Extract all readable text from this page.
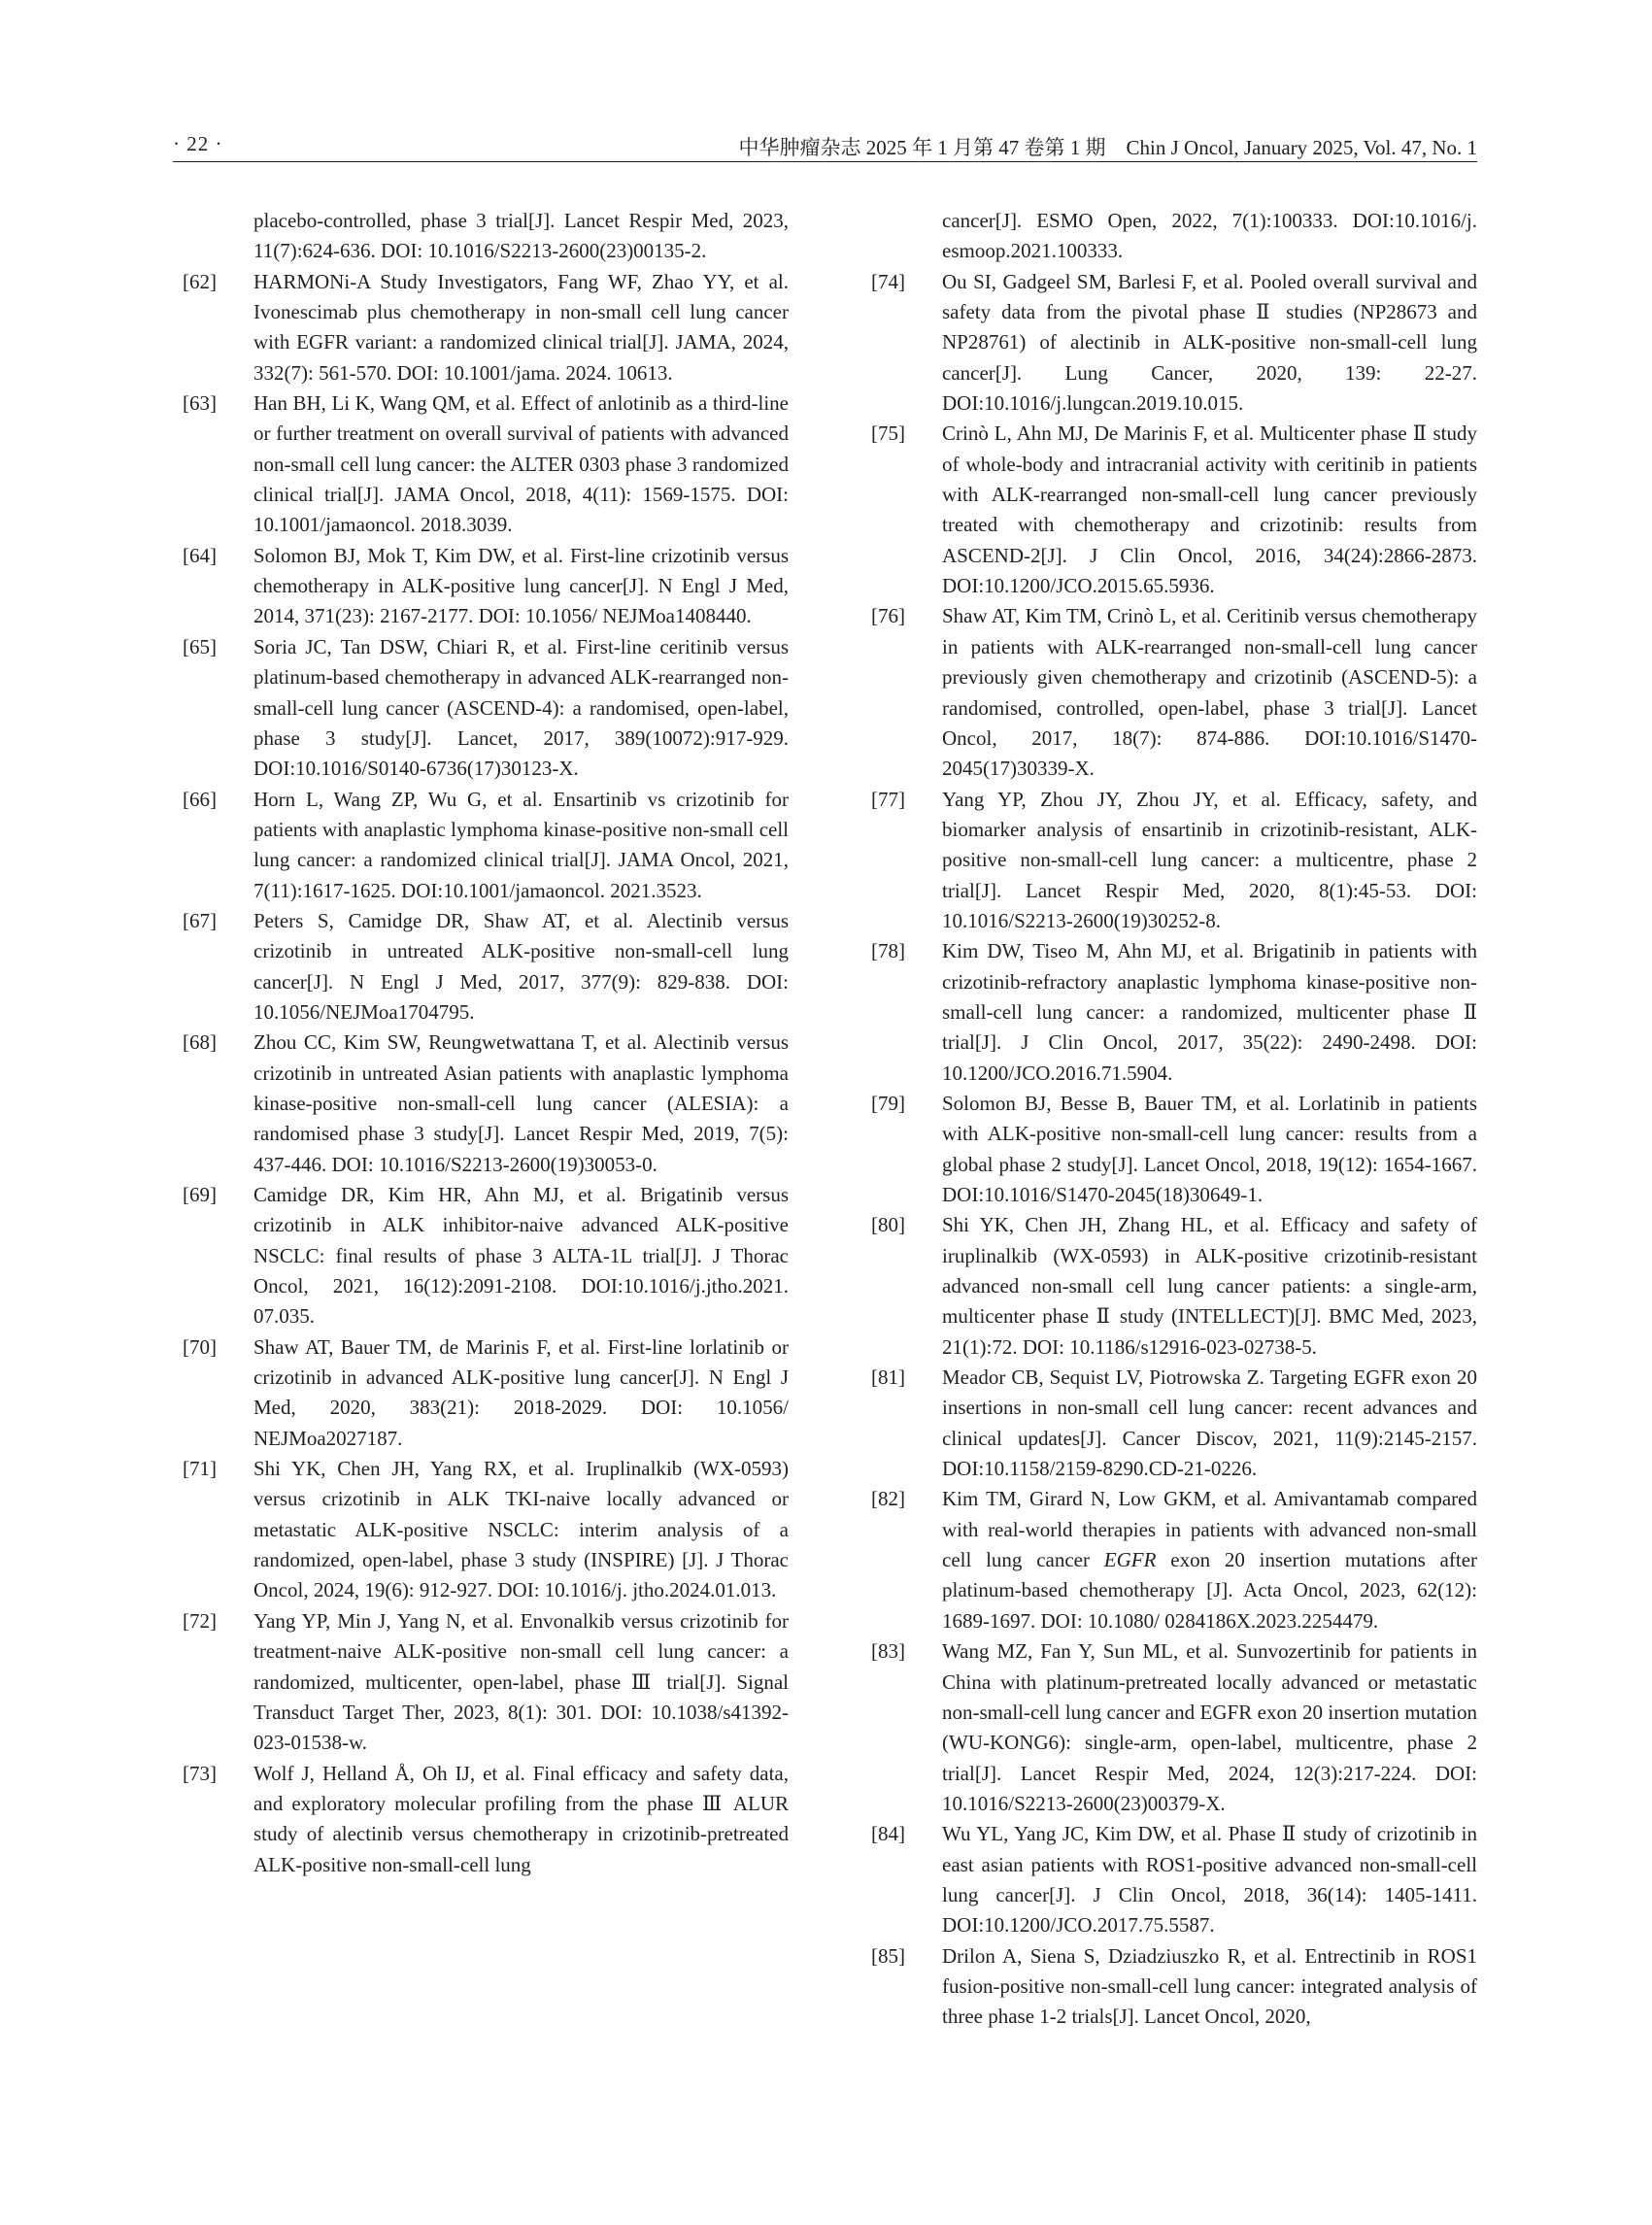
· 22 ·	中华肿瘤杂志 2025 年 1 月第 47 卷第 1 期　Chin J Oncol, January 2025, Vol. 47, No. 1
placebo-controlled, phase 3 trial[J]. Lancet Respir Med, 2023, 11(7):624-636. DOI: 10.1016/S2213-2600(23)00135-2.
[62] HARMONi-A Study Investigators, Fang WF, Zhao YY, et al. Ivonescimab plus chemotherapy in non-small cell lung cancer with EGFR variant: a randomized clinical trial[J]. JAMA, 2024, 332(7): 561-570. DOI: 10.1001/jama. 2024. 10613.
[63] Han BH, Li K, Wang QM, et al. Effect of anlotinib as a third-line or further treatment on overall survival of patients with advanced non-small cell lung cancer: the ALTER 0303 phase 3 randomized clinical trial[J]. JAMA Oncol, 2018, 4(11): 1569-1575. DOI: 10.1001/jamaoncol. 2018.3039.
[64] Solomon BJ, Mok T, Kim DW, et al. First-line crizotinib versus chemotherapy in ALK-positive lung cancer[J]. N Engl J Med, 2014, 371(23): 2167-2177. DOI: 10.1056/ NEJMoa1408440.
[65] Soria JC, Tan DSW, Chiari R, et al. First-line ceritinib versus platinum-based chemotherapy in advanced ALK-rearranged non-small-cell lung cancer (ASCEND-4): a randomised, open-label, phase 3 study[J]. Lancet, 2017, 389(10072):917-929. DOI:10.1016/S0140-6736(17)30123-X.
[66] Horn L, Wang ZP, Wu G, et al. Ensartinib vs crizotinib for patients with anaplastic lymphoma kinase-positive non-small cell lung cancer: a randomized clinical trial[J]. JAMA Oncol, 2021, 7(11):1617-1625. DOI:10.1001/jamaoncol. 2021.3523.
[67] Peters S, Camidge DR, Shaw AT, et al. Alectinib versus crizotinib in untreated ALK-positive non-small-cell lung cancer[J]. N Engl J Med, 2017, 377(9): 829-838. DOI: 10.1056/NEJMoa1704795.
[68] Zhou CC, Kim SW, Reungwetwattana T, et al. Alectinib versus crizotinib in untreated Asian patients with anaplastic lymphoma kinase-positive non-small-cell lung cancer (ALESIA): a randomised phase 3 study[J]. Lancet Respir Med, 2019, 7(5): 437-446. DOI: 10.1016/S2213-2600(19)30053-0.
[69] Camidge DR, Kim HR, Ahn MJ, et al. Brigatinib versus crizotinib in ALK inhibitor-naive advanced ALK-positive NSCLC: final results of phase 3 ALTA-1L trial[J]. J Thorac Oncol, 2021, 16(12):2091-2108. DOI:10.1016/j.jtho.2021. 07.035.
[70] Shaw AT, Bauer TM, de Marinis F, et al. First-line lorlatinib or crizotinib in advanced ALK-positive lung cancer[J]. N Engl J Med, 2020, 383(21): 2018-2029. DOI: 10.1056/ NEJMoa2027187.
[71] Shi YK, Chen JH, Yang RX, et al. Iruplinalkib (WX-0593) versus crizotinib in ALK TKI-naive locally advanced or metastatic ALK-positive NSCLC: interim analysis of a randomized, open-label, phase 3 study (INSPIRE) [J]. J Thorac Oncol, 2024, 19(6): 912-927. DOI: 10.1016/j. jtho.2024.01.013.
[72] Yang YP, Min J, Yang N, et al. Envonalkib versus crizotinib for treatment-naive ALK-positive non-small cell lung cancer: a randomized, multicenter, open-label, phase Ⅲ trial[J]. Signal Transduct Target Ther, 2023, 8(1): 301. DOI: 10.1038/s41392-023-01538-w.
[73] Wolf J, Helland Å, Oh IJ, et al. Final efficacy and safety data, and exploratory molecular profiling from the phase Ⅲ ALUR study of alectinib versus chemotherapy in crizotinib-pretreated ALK-positive non-small-cell lung
cancer[J]. ESMO Open, 2022, 7(1):100333. DOI:10.1016/j. esmoop.2021.100333.
[74] Ou SI, Gadgeel SM, Barlesi F, et al. Pooled overall survival and safety data from the pivotal phase Ⅱ studies (NP28673 and NP28761) of alectinib in ALK-positive non-small-cell lung cancer[J]. Lung Cancer, 2020, 139: 22-27. DOI:10.1016/j.lungcan.2019.10.015.
[75] Crinò L, Ahn MJ, De Marinis F, et al. Multicenter phase Ⅱ study of whole-body and intracranial activity with ceritinib in patients with ALK-rearranged non-small-cell lung cancer previously treated with chemotherapy and crizotinib: results from ASCEND-2[J]. J Clin Oncol, 2016, 34(24):2866-2873. DOI:10.1200/JCO.2015.65.5936.
[76] Shaw AT, Kim TM, Crinò L, et al. Ceritinib versus chemotherapy in patients with ALK-rearranged non-small-cell lung cancer previously given chemotherapy and crizotinib (ASCEND-5): a randomised, controlled, open-label, phase 3 trial[J]. Lancet Oncol, 2017, 18(7): 874-886. DOI:10.1016/S1470-2045(17)30339-X.
[77] Yang YP, Zhou JY, Zhou JY, et al. Efficacy, safety, and biomarker analysis of ensartinib in crizotinib-resistant, ALK-positive non-small-cell lung cancer: a multicentre, phase 2 trial[J]. Lancet Respir Med, 2020, 8(1):45-53. DOI: 10.1016/S2213-2600(19)30252-8.
[78] Kim DW, Tiseo M, Ahn MJ, et al. Brigatinib in patients with crizotinib-refractory anaplastic lymphoma kinase-positive non-small-cell lung cancer: a randomized, multicenter phase Ⅱ trial[J]. J Clin Oncol, 2017, 35(22): 2490-2498. DOI: 10.1200/JCO.2016.71.5904.
[79] Solomon BJ, Besse B, Bauer TM, et al. Lorlatinib in patients with ALK-positive non-small-cell lung cancer: results from a global phase 2 study[J]. Lancet Oncol, 2018, 19(12): 1654-1667. DOI:10.1016/S1470-2045(18)30649-1.
[80] Shi YK, Chen JH, Zhang HL, et al. Efficacy and safety of iruplinalkib (WX-0593) in ALK-positive crizotinib-resistant advanced non-small cell lung cancer patients: a single-arm, multicenter phase Ⅱ study (INTELLECT)[J]. BMC Med, 2023, 21(1):72. DOI: 10.1186/s12916-023-02738-5.
[81] Meador CB, Sequist LV, Piotrowska Z. Targeting EGFR exon 20 insertions in non-small cell lung cancer: recent advances and clinical updates[J]. Cancer Discov, 2021, 11(9):2145-2157. DOI:10.1158/2159-8290.CD-21-0226.
[82] Kim TM, Girard N, Low GKM, et al. Amivantamab compared with real-world therapies in patients with advanced non-small cell lung cancer EGFR exon 20 insertion mutations after platinum-based chemotherapy [J]. Acta Oncol, 2023, 62(12): 1689-1697. DOI: 10.1080/ 0284186X.2023.2254479.
[83] Wang MZ, Fan Y, Sun ML, et al. Sunvozertinib for patients in China with platinum-pretreated locally advanced or metastatic non-small-cell lung cancer and EGFR exon 20 insertion mutation (WU-KONG6): single-arm, open-label, multicentre, phase 2 trial[J]. Lancet Respir Med, 2024, 12(3):217-224. DOI: 10.1016/S2213-2600(23)00379-X.
[84] Wu YL, Yang JC, Kim DW, et al. Phase Ⅱ study of crizotinib in east asian patients with ROS1-positive advanced non-small-cell lung cancer[J]. J Clin Oncol, 2018, 36(14): 1405-1411. DOI:10.1200/JCO.2017.75.5587.
[85] Drilon A, Siena S, Dziadziuszko R, et al. Entrectinib in ROS1 fusion-positive non-small-cell lung cancer: integrated analysis of three phase 1-2 trials[J]. Lancet Oncol, 2020,
